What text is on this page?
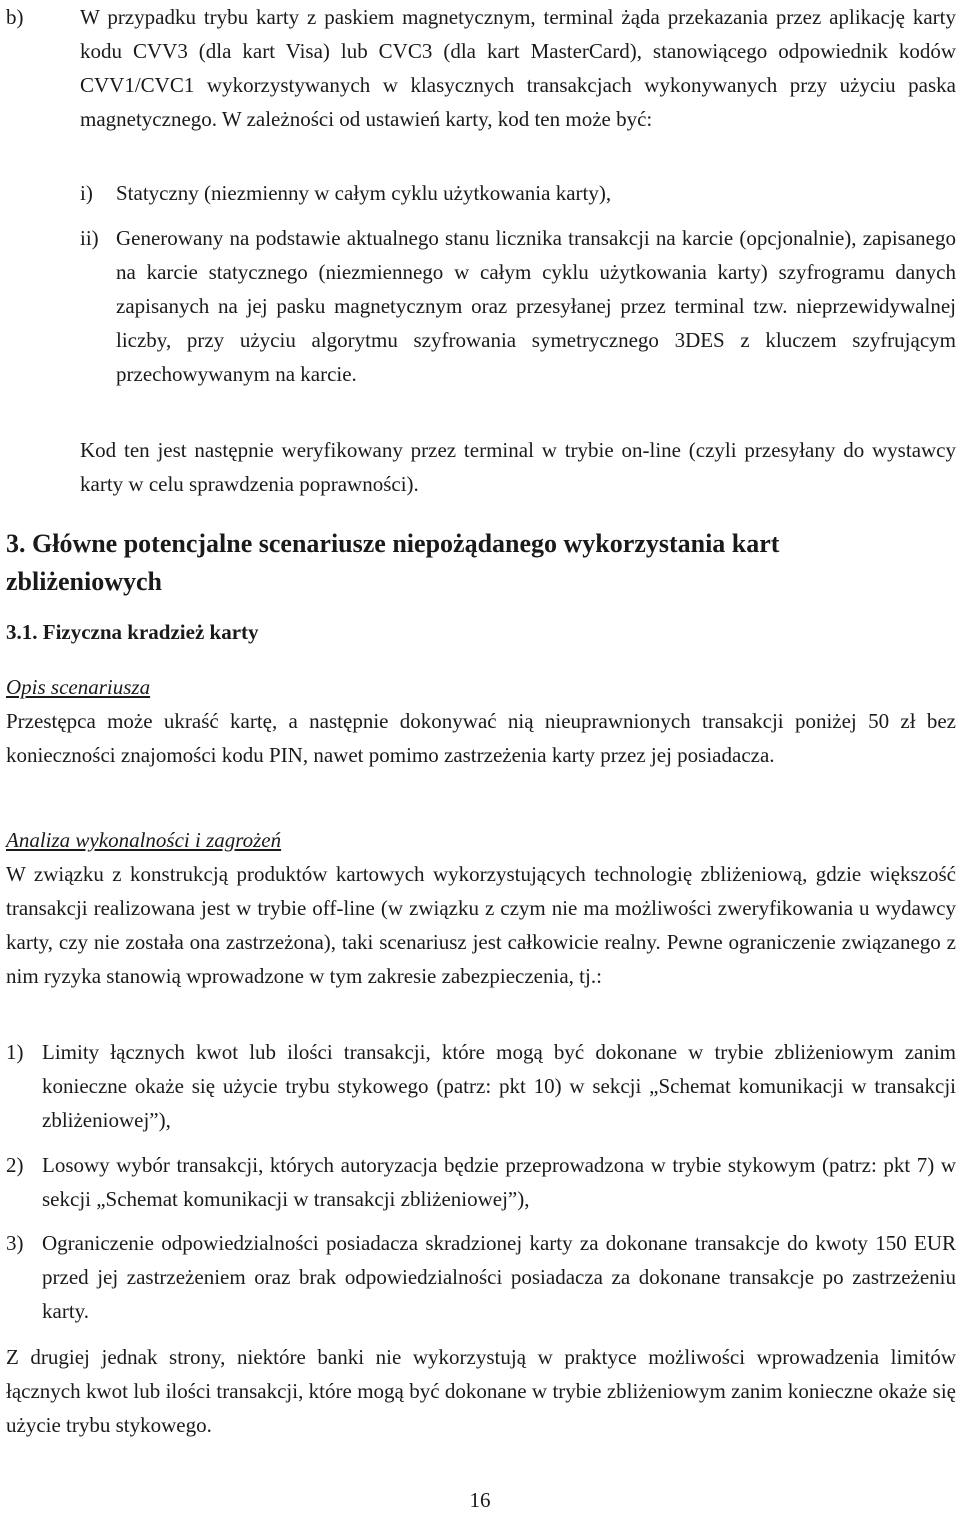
b)	W przypadku trybu karty z paskiem magnetycznym, terminal żąda przekazania przez aplikację karty kodu CVV3 (dla kart Visa) lub CVC3 (dla kart MasterCard), stanowiącego odpowiednik kodów CVV1/CVC1 wykorzystywanych w klasycznych transakcjach wykonywanych przy użyciu paska magnetycznego. W zależności od ustawień karty, kod ten może być:
i) Statyczny (niezmienny w całym cyklu użytkowania karty),
ii) Generowany na podstawie aktualnego stanu licznika transakcji na karcie (opcjonalnie), zapisanego na karcie statycznego (niezmiennego w całym cyklu użytkowania karty) szyfrogramu danych zapisanych na jej pasku magnetycznym oraz przesyłanej przez terminal tzw. nieprzewidywalnej liczby, przy użyciu algorytmu szyfrowania symetrycznego 3DES z kluczem szyfrującym przechowywanym na karcie.
Kod ten jest następnie weryfikowany przez terminal w trybie on-line (czyli przesyłany do wystawcy karty w celu sprawdzenia poprawności).
3. Główne potencjalne scenariusze niepożądanego wykorzystania kart
zbliżeniowych
3.1. Fizyczna kradzież karty
Opis scenariusza
Przestępca może ukraść kartę, a następnie dokonywać nią nieuprawnionych transakcji poniżej 50 zł bez konieczności znajomości kodu PIN, nawet pomimo zastrzeżenia karty przez jej posiadacza.
Analiza wykonalności i zagrożeń
W związku z konstrukcją produktów kartowych wykorzystujących technologię zbliżeniową, gdzie większość transakcji realizowana jest w trybie off-line (w związku z czym nie ma możliwości zweryfikowania u wydawcy karty, czy nie została ona zastrzeżona), taki scenariusz jest całkowicie realny. Pewne ograniczenie związanego z nim ryzyka stanowią wprowadzone w tym zakresie zabezpieczenia, tj.:
1) Limity łącznych kwot lub ilości transakcji, które mogą być dokonane w trybie zbliżeniowym zanim konieczne okaże się użycie trybu stykowego (patrz: pkt 10) w sekcji „Schemat komunikacji w transakcji zbliżeniowej”),
2) Losowy wybór transakcji, których autoryzacja będzie przeprowadzona w trybie stykowym (patrz: pkt 7) w sekcji „Schemat komunikacji w transakcji zbliżeniowej”),
3) Ograniczenie odpowiedzialności posiadacza skradzionej karty za dokonane transakcje do kwoty 150 EUR przed jej zastrzeżeniem oraz brak odpowiedzialności posiadacza za dokonane transakcje po zastrzeżeniu karty.
Z drugiej jednak strony, niektóre banki nie wykorzystują w praktyce możliwości wprowadzenia limitów łącznych kwot lub ilości transakcji, które mogą być dokonane w trybie zbliżeniowym zanim konieczne okaże się użycie trybu stykowego.
16
